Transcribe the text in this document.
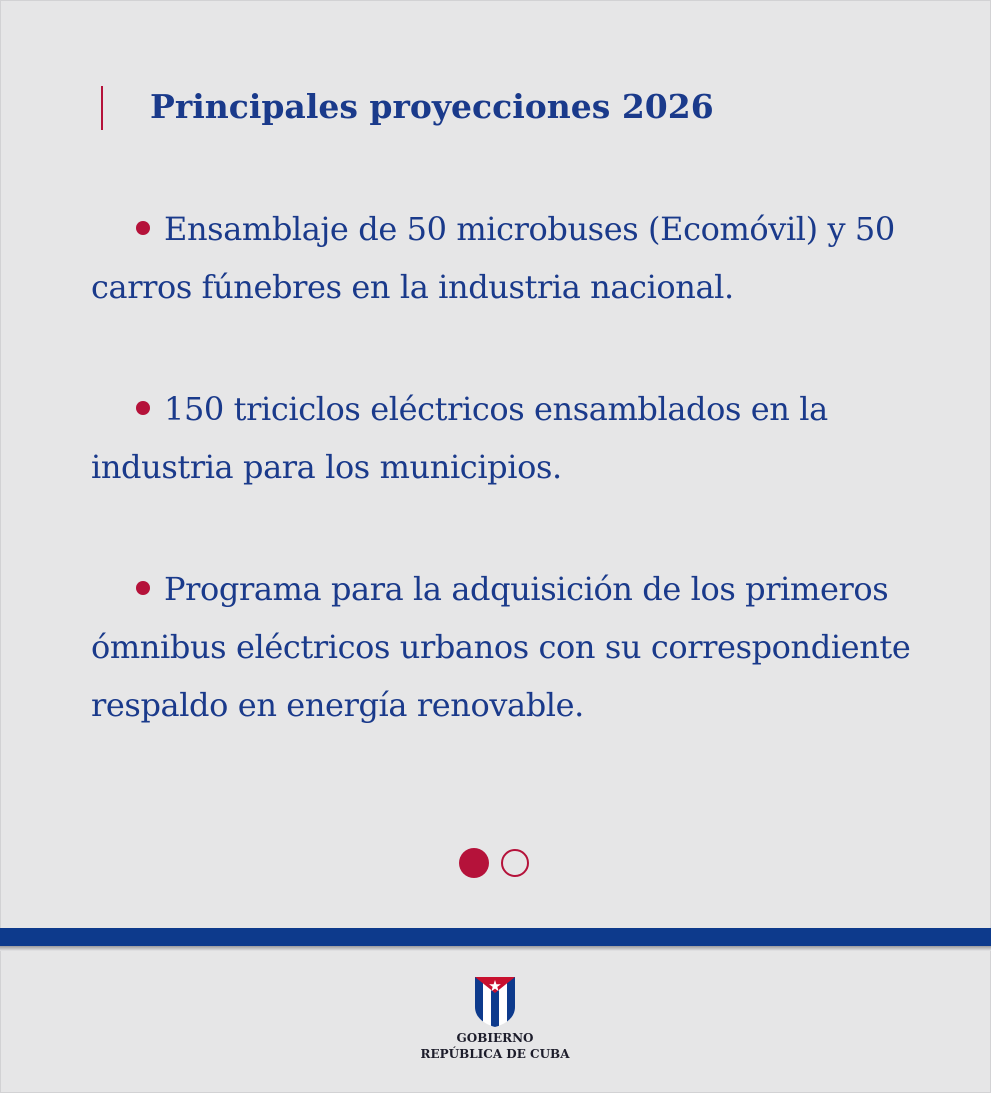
Principales proyecciones 2026
Ensamblaje de 50 microbuses (Ecomóvil) y 50 carros fúnebres en la industria nacional.
150 triciclos eléctricos ensamblados en la industria para los municipios.
Programa para la adquisición de los primeros ómnibus eléctricos urbanos con su correspondiente respaldo en energía renovable.
GOBIERNO
REPÚBLICA DE CUBA
